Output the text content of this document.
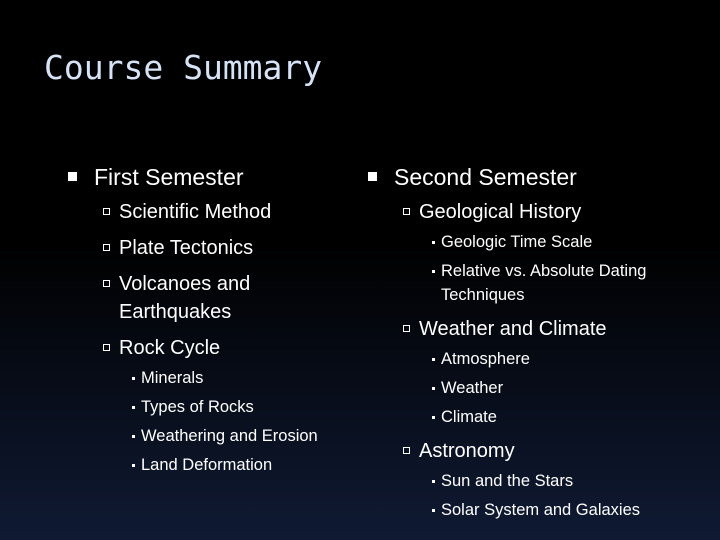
Course Summary
First Semester
Scientific Method
Plate Tectonics
Volcanoes and Earthquakes
Rock Cycle
Minerals
Types of Rocks
Weathering and Erosion
Land Deformation
Second Semester
Geological History
Geologic Time Scale
Relative vs. Absolute Dating Techniques
Weather and Climate
Atmosphere
Weather
Climate
Astronomy
Sun and the Stars
Solar System and Galaxies
